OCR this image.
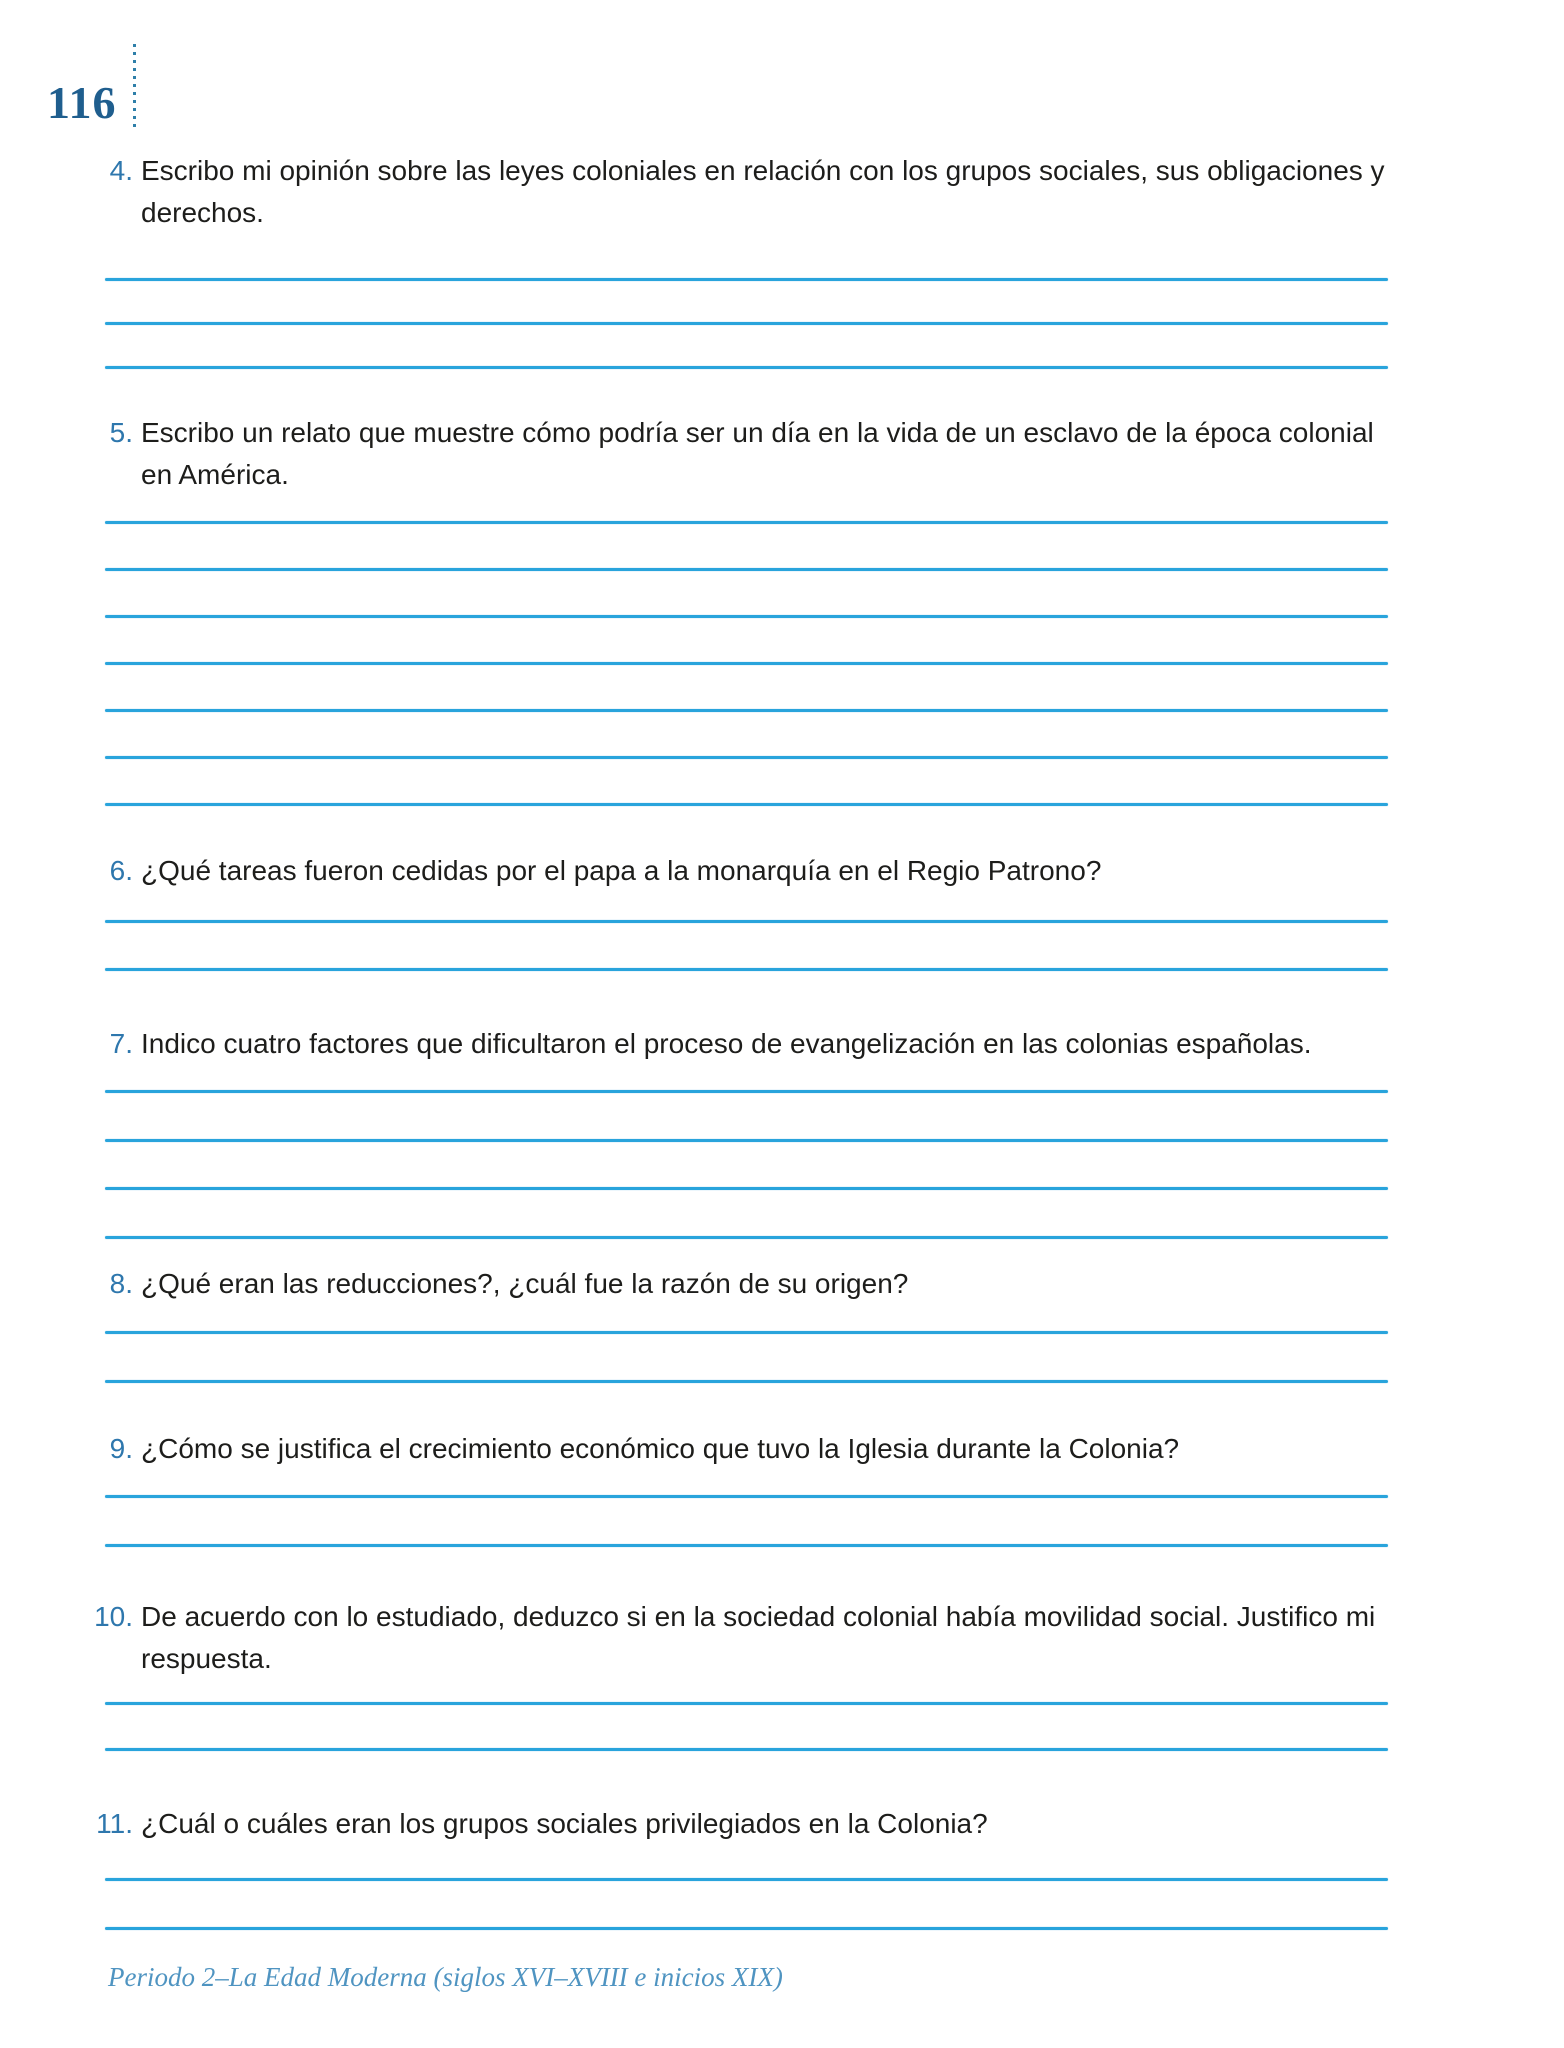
116
4. Escribo mi opinión sobre las leyes coloniales en relación con los grupos sociales, sus obligaciones y derechos.

5. Escribo un relato que muestre cómo podría ser un día en la vida de un esclavo de la época colonial en América.

6. ¿Qué tareas fueron cedidas por el papa a la monarquía en el Regio Patrono?

7. Indico cuatro factores que dificultaron el proceso de evangelización en las colonias españolas.

8. ¿Qué eran las reducciones?, ¿cuál fue la razón de su origen?

9. ¿Cómo se justifica el crecimiento económico que tuvo la Iglesia durante la Colonia?

10. De acuerdo con lo estudiado, deduzco si en la sociedad colonial había movilidad social. Justifico mi respuesta.

11. ¿Cuál o cuáles eran los grupos sociales privilegiados en la Colonia?

Periodo 2–La Edad Moderna (siglos XVI–XVIII e inicios XIX)
